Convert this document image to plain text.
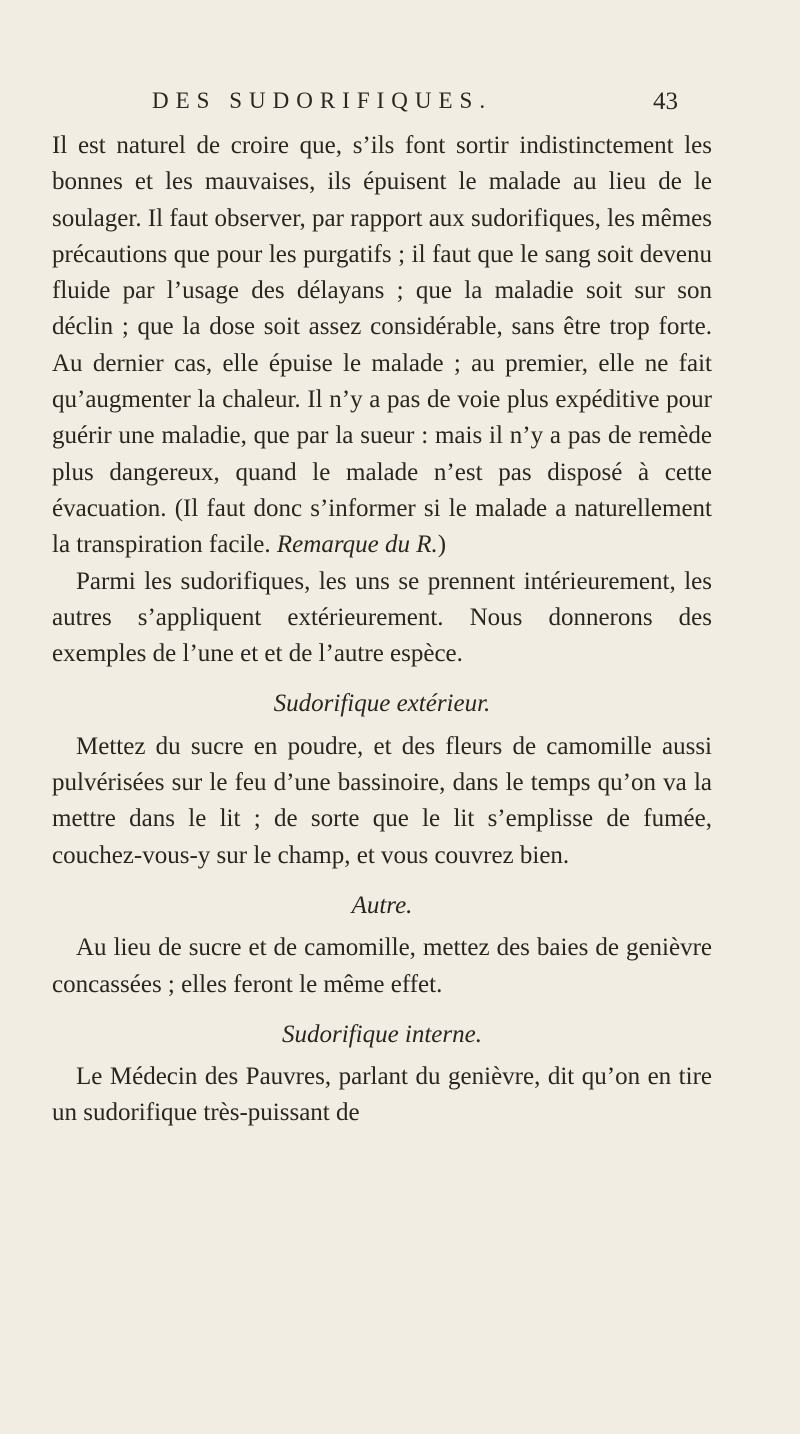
DES SUDORIFIQUES.	43

Il est naturel de croire que, s’ils font sortir indistinctement les bonnes et les mauvaises, ils épuisent le malade au lieu de le soulager. Il faut observer, par rapport aux sudorifiques, les mêmes précautions que pour les purgatifs ; il faut que le sang soit devenu fluide par l’usage des délayans ; que la maladie soit sur son déclin ; que la dose soit assez considérable, sans être trop forte. Au dernier cas, elle épuise le malade ; au premier, elle ne fait qu’augmenter la chaleur. Il n’y a pas de voie plus expéditive pour guérir une maladie, que par la sueur : mais il n’y a pas de remède plus dangereux, quand le malade n’est pas disposé à cette évacuation. (Il faut donc s’informer si le malade a naturellement la transpiration facile. Remarque du R.)

Parmi les sudorifiques, les uns se prennent intérieurement, les autres s’appliquent extérieurement. Nous donnerons des exemples de l’une et et de l’autre espèce.

Sudorifique extérieur.

Mettez du sucre en poudre, et des fleurs de camomille aussi pulvérisées sur le feu d’une bassinoire, dans le temps qu’on va la mettre dans le lit ; de sorte que le lit s’emplisse de fumée, couchez-vous-y sur le champ, et vous couvrez bien.

Autre.

Au lieu de sucre et de camomille, mettez des baies de genièvre concassées ; elles feront le même effet.

Sudorifique interne.

Le Médecin des Pauvres, parlant du genièvre, dit qu’on en tire un sudorifique très-puissant de
